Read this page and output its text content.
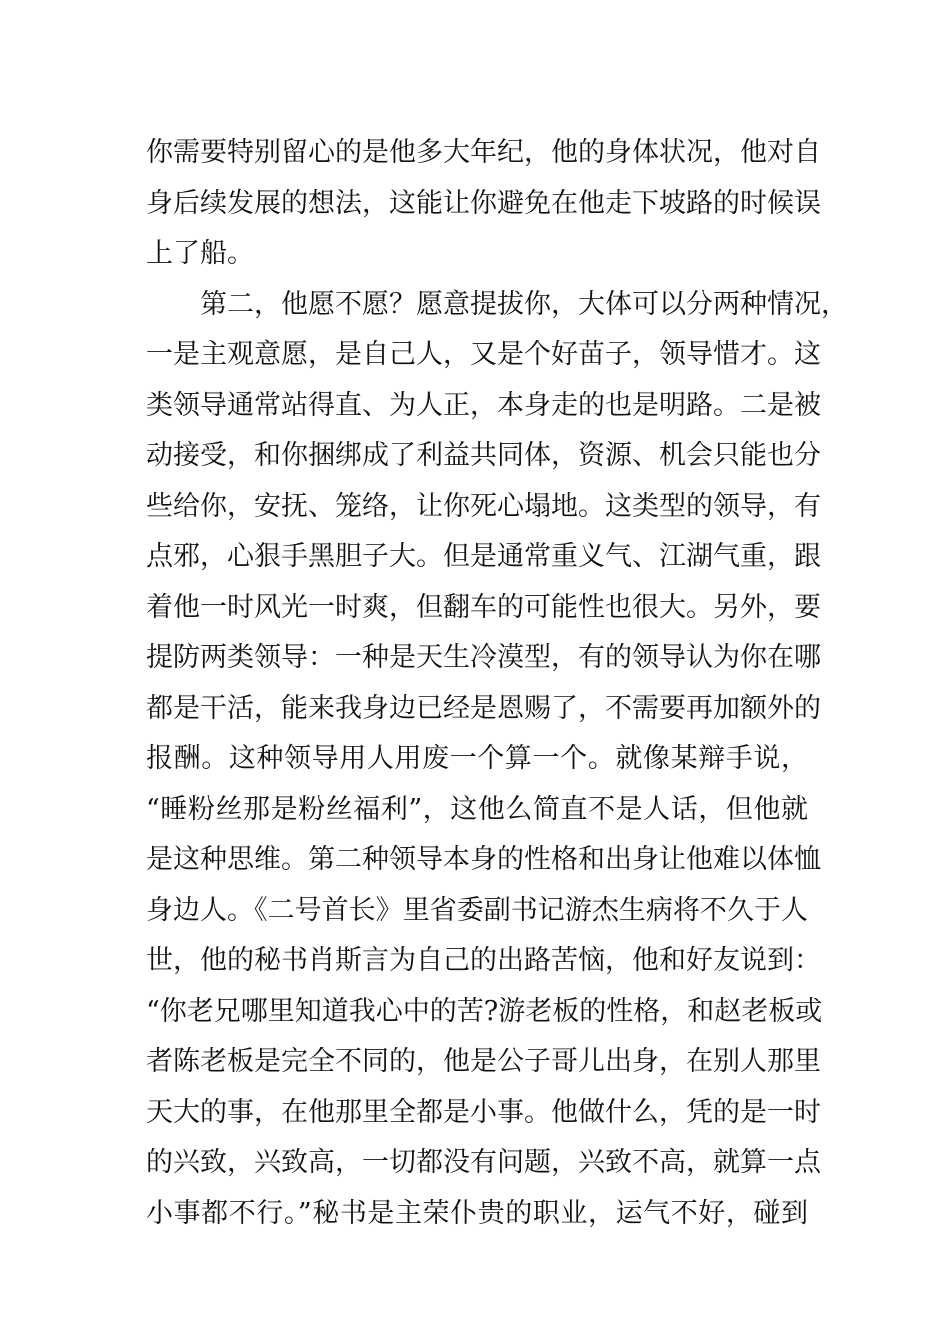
你需要特别留心的是他多大年纪，他的身体状况，他对自
身后续发展的想法，这能让你避免在他走下坡路的时候误
上了船。
　　第二，他愿不愿？愿意提拔你，大体可以分两种情况，
一是主观意愿，是自己人，又是个好苗子，领导惜才。这
类领导通常站得直、为人正，本身走的也是明路。二是被
动接受，和你捆绑成了利益共同体，资源、机会只能也分
些给你，安抚、笼络，让你死心塌地。这类型的领导，有
点邪，心狠手黑胆子大。但是通常重义气、江湖气重，跟
着他一时风光一时爽，但翻车的可能性也很大。另外，要
提防两类领导：一种是天生冷漠型，有的领导认为你在哪
都是干活，能来我身边已经是恩赐了，不需要再加额外的
报酬。这种领导用人用废一个算一个。就像某辩手说，
“睡粉丝那是粉丝福利”，这他么简直不是人话，但他就
是这种思维。第二种领导本身的性格和出身让他难以体恤
身边人。《二号首长》里省委副书记游杰生病将不久于人
世，他的秘书肖斯言为自己的出路苦恼，他和好友说到：
“你老兄哪里知道我心中的苦?游老板的性格，和赵老板或
者陈老板是完全不同的，他是公子哥儿出身，在别人那里
天大的事，在他那里全都是小事。他做什么，凭的是一时
的兴致，兴致高，一切都没有问题，兴致不高，就算一点
小事都不行。”秘书是主荣仆贵的职业，运气不好，碰到
